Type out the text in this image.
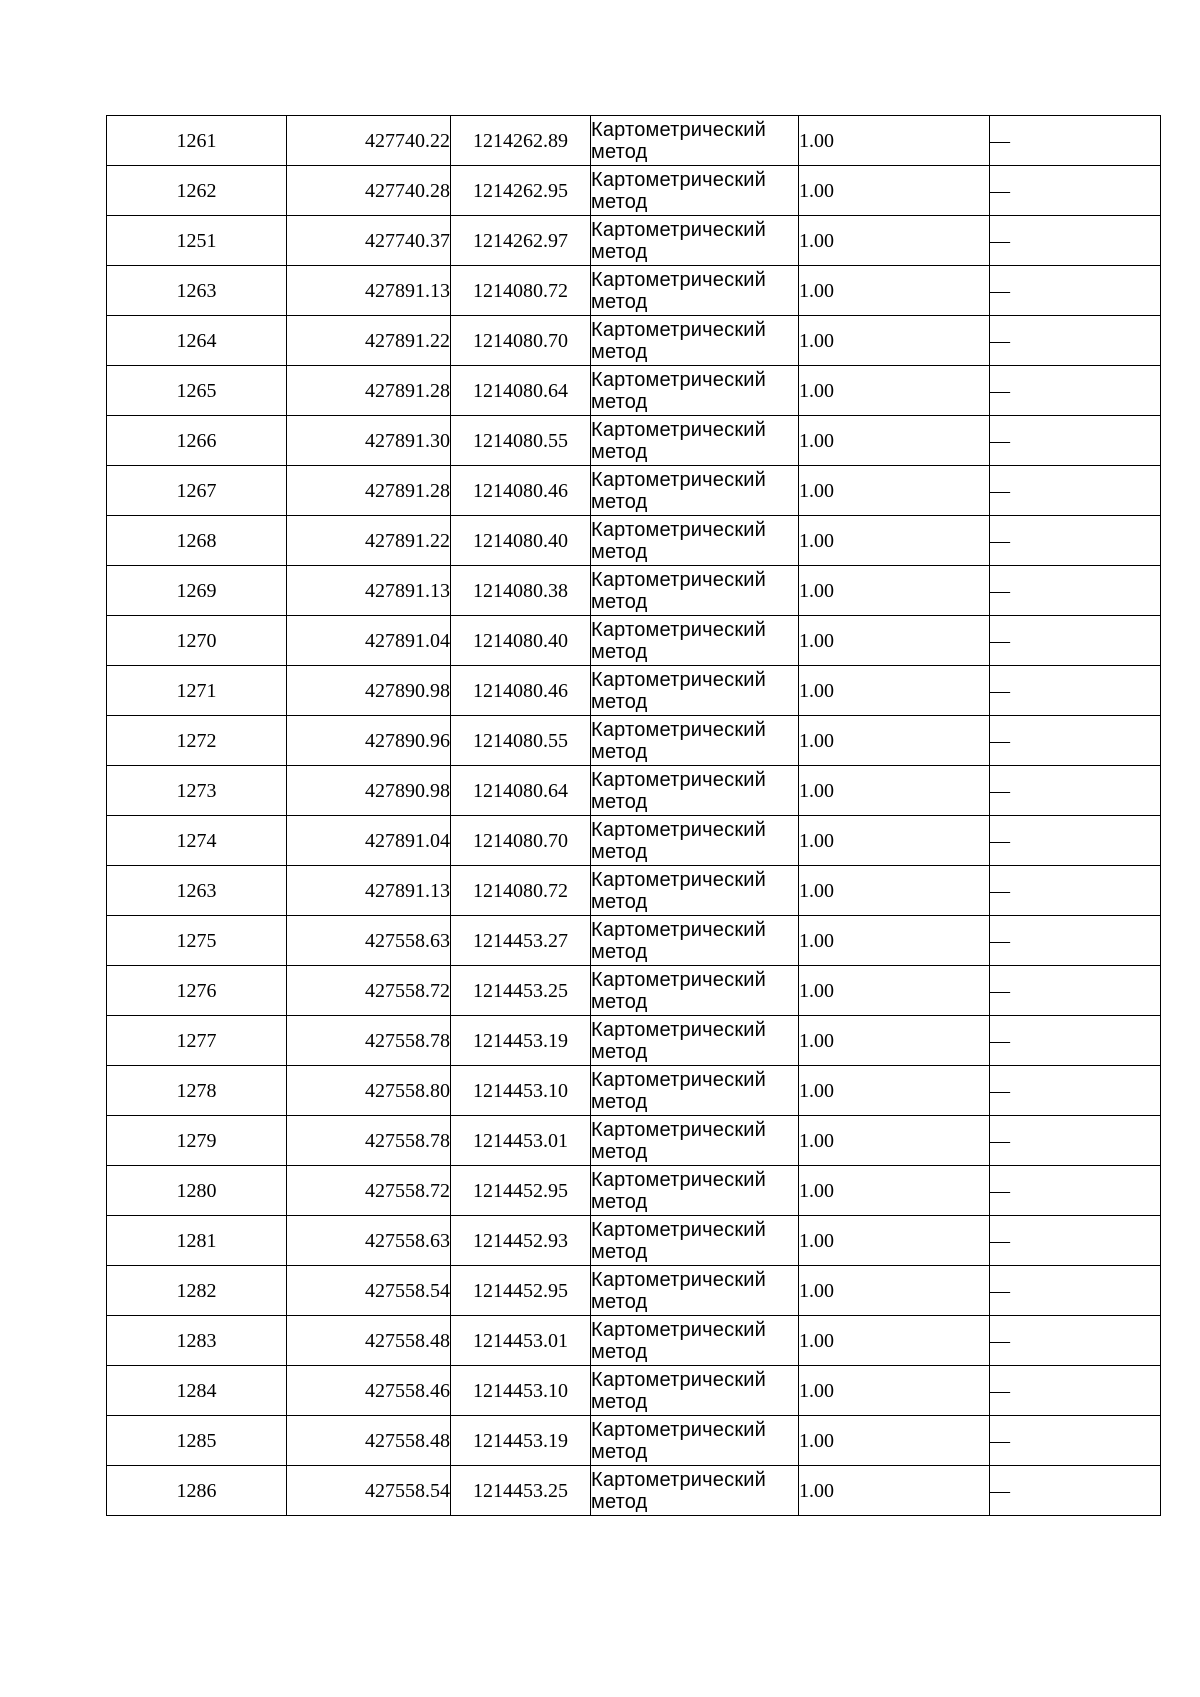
1261	427740.22	1214262.89	Картометрический
метод	1.00	—
1262	427740.28	1214262.95	Картометрический
метод	1.00	—
1251	427740.37	1214262.97	Картометрический
метод	1.00	—
1263	427891.13	1214080.72	Картометрический
метод	1.00	—
1264	427891.22	1214080.70	Картометрический
метод	1.00	—
1265	427891.28	1214080.64	Картометрический
метод	1.00	—
1266	427891.30	1214080.55	Картометрический
метод	1.00	—
1267	427891.28	1214080.46	Картометрический
метод	1.00	—
1268	427891.22	1214080.40	Картометрический
метод	1.00	—
1269	427891.13	1214080.38	Картометрический
метод	1.00	—
1270	427891.04	1214080.40	Картометрический
метод	1.00	—
1271	427890.98	1214080.46	Картометрический
метод	1.00	—
1272	427890.96	1214080.55	Картометрический
метод	1.00	—
1273	427890.98	1214080.64	Картометрический
метод	1.00	—
1274	427891.04	1214080.70	Картометрический
метод	1.00	—
1263	427891.13	1214080.72	Картометрический
метод	1.00	—
1275	427558.63	1214453.27	Картометрический
метод	1.00	—
1276	427558.72	1214453.25	Картометрический
метод	1.00	—
1277	427558.78	1214453.19	Картометрический
метод	1.00	—
1278	427558.80	1214453.10	Картометрический
метод	1.00	—
1279	427558.78	1214453.01	Картометрический
метод	1.00	—
1280	427558.72	1214452.95	Картометрический
метод	1.00	—
1281	427558.63	1214452.93	Картометрический
метод	1.00	—
1282	427558.54	1214452.95	Картометрический
метод	1.00	—
1283	427558.48	1214453.01	Картометрический
метод	1.00	—
1284	427558.46	1214453.10	Картометрический
метод	1.00	—
1285	427558.48	1214453.19	Картометрический
метод	1.00	—
1286	427558.54	1214453.25	Картометрический
метод	1.00	—
